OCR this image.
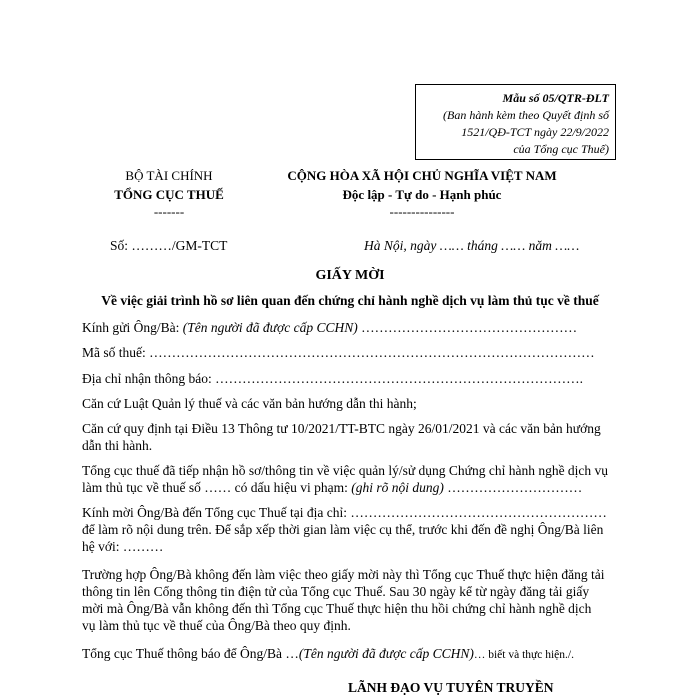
Mẫu số 05/QTR-ĐLT
(Ban hành kèm theo Quyết định số
1521/QĐ-TCT ngày 22/9/2022
của Tổng cục Thuế)
BỘ TÀI CHÍNH
TỔNG CỤC THUẾ
-------
CỘNG HÒA XÃ HỘI CHỦ NGHĨA VIỆT NAM
Độc lập - Tự do - Hạnh phúc
---------------
Số: ………/GM-TCT	Hà Nội, ngày …… tháng …… năm ……
GIẤY MỜI
Về việc giải trình hồ sơ liên quan đến chứng chỉ hành nghề dịch vụ làm thủ tục về thuế
Kính gửi Ông/Bà: (Tên người đã được cấp CCHN) …………………………………………
Mã số thuế: ………………………………………………………………………………………
Địa chỉ nhận thông báo: ……………………………………………………………………….
Căn cứ Luật Quản lý thuế và các văn bản hướng dẫn thi hành;
Căn cứ quy định tại Điều 13 Thông tư 10/2021/TT-BTC ngày 26/01/2021 và các văn bản hướng
dẫn thi hành.
Tổng cục thuế đã tiếp nhận hồ sơ/thông tin về việc quản lý/sử dụng Chứng chỉ hành nghề dịch vụ
làm thủ tục về thuế số …… có dấu hiệu vi phạm: (ghi rõ nội dung) …………………………
Kính mời Ông/Bà đến Tổng cục Thuế tại địa chỉ: …………………………………………………
để làm rõ nội dung trên. Để sắp xếp thời gian làm việc cụ thể, trước khi đến đề nghị Ông/Bà liên
hệ với: ………
Trường hợp Ông/Bà không đến làm việc theo giấy mời này thì Tổng cục Thuế thực hiện đăng tải
thông tin lên Cổng thông tin điện tử của Tổng cục Thuế. Sau 30 ngày kể từ ngày đăng tải giấy
mời mà Ông/Bà vẫn không đến thì Tổng cục Thuế thực hiện thu hồi chứng chỉ hành nghề dịch
vụ làm thủ tục về thuế của Ông/Bà theo quy định.
Tổng cục Thuế thông báo để Ông/Bà …(Tên người đã được cấp CCHN)… biết và thực hiện./.
LÃNH ĐẠO VỤ TUYÊN TRUYỀN
